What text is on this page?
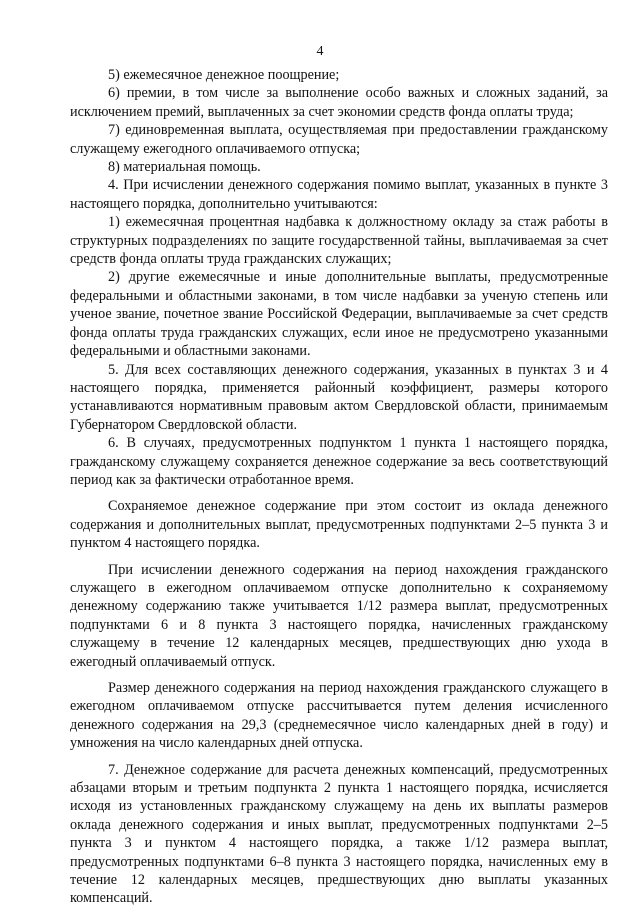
4

5) ежемесячное денежное поощрение;

6) премии, в том числе за выполнение особо важных и сложных заданий, за исключением премий, выплаченных за счет экономии средств фонда оплаты труда;

7) единовременная выплата, осуществляемая при предоставлении гражданскому служащему ежегодного оплачиваемого отпуска;

8) материальная помощь.

4. При исчислении денежного содержания помимо выплат, указанных в пункте 3 настоящего порядка, дополнительно учитываются:

1) ежемесячная процентная надбавка к должностному окладу за стаж работы в структурных подразделениях по защите государственной тайны, выплачиваемая за счет средств фонда оплаты труда гражданских служащих;

2) другие ежемесячные и иные дополнительные выплаты, предусмотренные федеральными и областными законами, в том числе надбавки за ученую степень или ученое звание, почетное звание Российской Федерации, выплачиваемые за счет средств фонда оплаты труда гражданских служащих, если иное не предусмотрено указанными федеральными и областными законами.

5. Для всех составляющих денежного содержания, указанных в пунктах 3 и 4 настоящего порядка, применяется районный коэффициент, размеры которого устанавливаются нормативным правовым актом Свердловской области, принимаемым Губернатором Свердловской области.

6. В случаях, предусмотренных подпунктом 1 пункта 1 настоящего порядка, гражданскому служащему сохраняется денежное содержание за весь соответствующий период как за фактически отработанное время.

Сохраняемое денежное содержание при этом состоит из оклада денежного содержания и дополнительных выплат, предусмотренных подпунктами 2–5 пункта 3 и пунктом 4 настоящего порядка.

При исчислении денежного содержания на период нахождения гражданского служащего в ежегодном оплачиваемом отпуске дополнительно к сохраняемому денежному содержанию также учитывается 1/12 размера выплат, предусмотренных подпунктами 6 и 8 пункта 3 настоящего порядка, начисленных гражданскому служащему в течение 12 календарных месяцев, предшествующих дню ухода в ежегодный оплачиваемый отпуск.

Размер денежного содержания на период нахождения гражданского служащего в ежегодном оплачиваемом отпуске рассчитывается путем деления исчисленного денежного содержания на 29,3 (среднемесячное число календарных дней в году) и умножения на число календарных дней отпуска.

7. Денежное содержание для расчета денежных компенсаций, предусмотренных абзацами вторым и третьим подпункта 2 пункта 1 настоящего порядка, исчисляется исходя из установленных гражданскому служащему на день их выплаты размеров оклада денежного содержания и иных выплат, предусмотренных подпунктами 2–5 пункта 3 и пунктом 4 настоящего порядка, а также 1/12 размера выплат, предусмотренных подпунктами 6–8 пункта 3 настоящего порядка, начисленных ему в течение 12 календарных месяцев, предшествующих дню выплаты указанных компенсаций.
